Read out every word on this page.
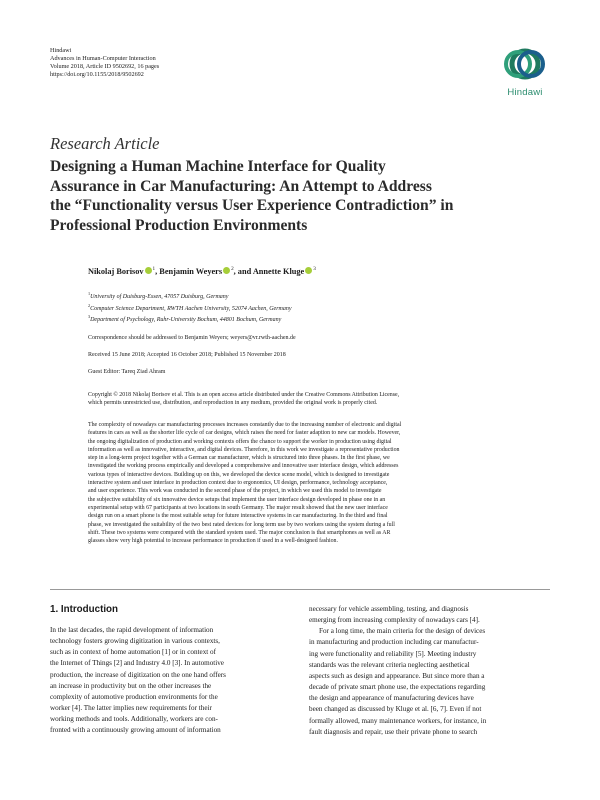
Hindawi
Advances in Human-Computer Interaction
Volume 2018, Article ID 9502692, 16 pages
https://doi.org/10.1155/2018/9502692
Hindawi
Research Article
Designing a Human Machine Interface for Quality
Assurance in Car Manufacturing: An Attempt to Address
the “Functionality versus User Experience Contradiction” in
Professional Production Environments
Nikolaj Borisov $^1$, Benjamin Weyers $^2$, and Annette Kluge $^3$
$^1$University of Duisburg-Essen, 47057 Duisburg, Germany
$^2$Computer Science Department, RWTH Aachen University, 52074 Aachen, Germany
$^3$Department of Psychology, Ruhr-University Bochum, 44801 Bochum, Germany
Correspondence should be addressed to Benjamin Weyers; weyers@vr.rwth-aachen.de
Received 15 June 2018; Accepted 16 October 2018; Published 15 November 2018
Guest Editor: Tareq Ziad Ahram
Copyright © 2018 Nikolaj Borisov et al. This is an open access article distributed under the Creative Commons Attribution License,
which permits unrestricted use, distribution, and reproduction in any medium, provided the original work is properly cited.
The complexity of nowadays car manufacturing processes increases constantly due to the increasing number of electronic and digital
features in cars as well as the shorter life cycle of car designs, which raises the need for faster adaption to new car models. However,
the ongoing digitalization of production and working contexts offers the chance to support the worker in production using digital
information as well as innovative, interactive, and digital devices. Therefore, in this work we investigate a representative production
step in a long-term project together with a German car manufacturer, which is structured into three phases. In the first phase, we
investigated the working process empirically and developed a comprehensive and innovative user interface design, which addresses
various types of interactive devices. Building up on this, we developed the device scene model, which is designed to investigate
interactive system and user interface in production context due to ergonomics, UI design, performance, technology acceptance,
and user experience. This work was conducted in the second phase of the project, in which we used this model to investigate
the subjective suitability of six innovative device setups that implement the user interface design developed in phase one in an
experimental setup with 67 participants at two locations in south Germany. The major result showed that the new user interface
design run on a smart phone is the most suitable setup for future interactive systems in car manufacturing. In the third and final
phase, we investigated the suitability of the two best rated devices for long term use by two workers using the system during a full
shift. These two systems were compared with the standard system used. The major conclusion is that smartphones as well as AR
glasses show very high potential to increase performance in production if used in a well-designed fashion.
1. Introduction
In the last decades, the rapid development of information
technology fosters growing digitization in various contexts,
such as in context of home automation [1] or in context of
the Internet of Things [2] and Industry 4.0 [3]. In automotive
production, the increase of digitization on the one hand offers
an increase in productivity but on the other increases the
complexity of automotive production environments for the
worker [4]. The latter implies new requirements for their
working methods and tools. Additionally, workers are con-
fronted with a continuously growing amount of information
necessary for vehicle assembling, testing, and diagnosis
emerging from increasing complexity of nowadays cars [4].
For a long time, the main criteria for the design of devices
in manufacturing and production including car manufactur-
ing were functionality and reliability [5]. Meeting industry
standards was the relevant criteria neglecting aesthetical
aspects such as design and appearance. But since more than a
decade of private smart phone use, the expectations regarding
the design and appearance of manufacturing devices have
been changed as discussed by Kluge et al. [6, 7]. Even if not
formally allowed, many maintenance workers, for instance, in
fault diagnosis and repair, use their private phone to search
